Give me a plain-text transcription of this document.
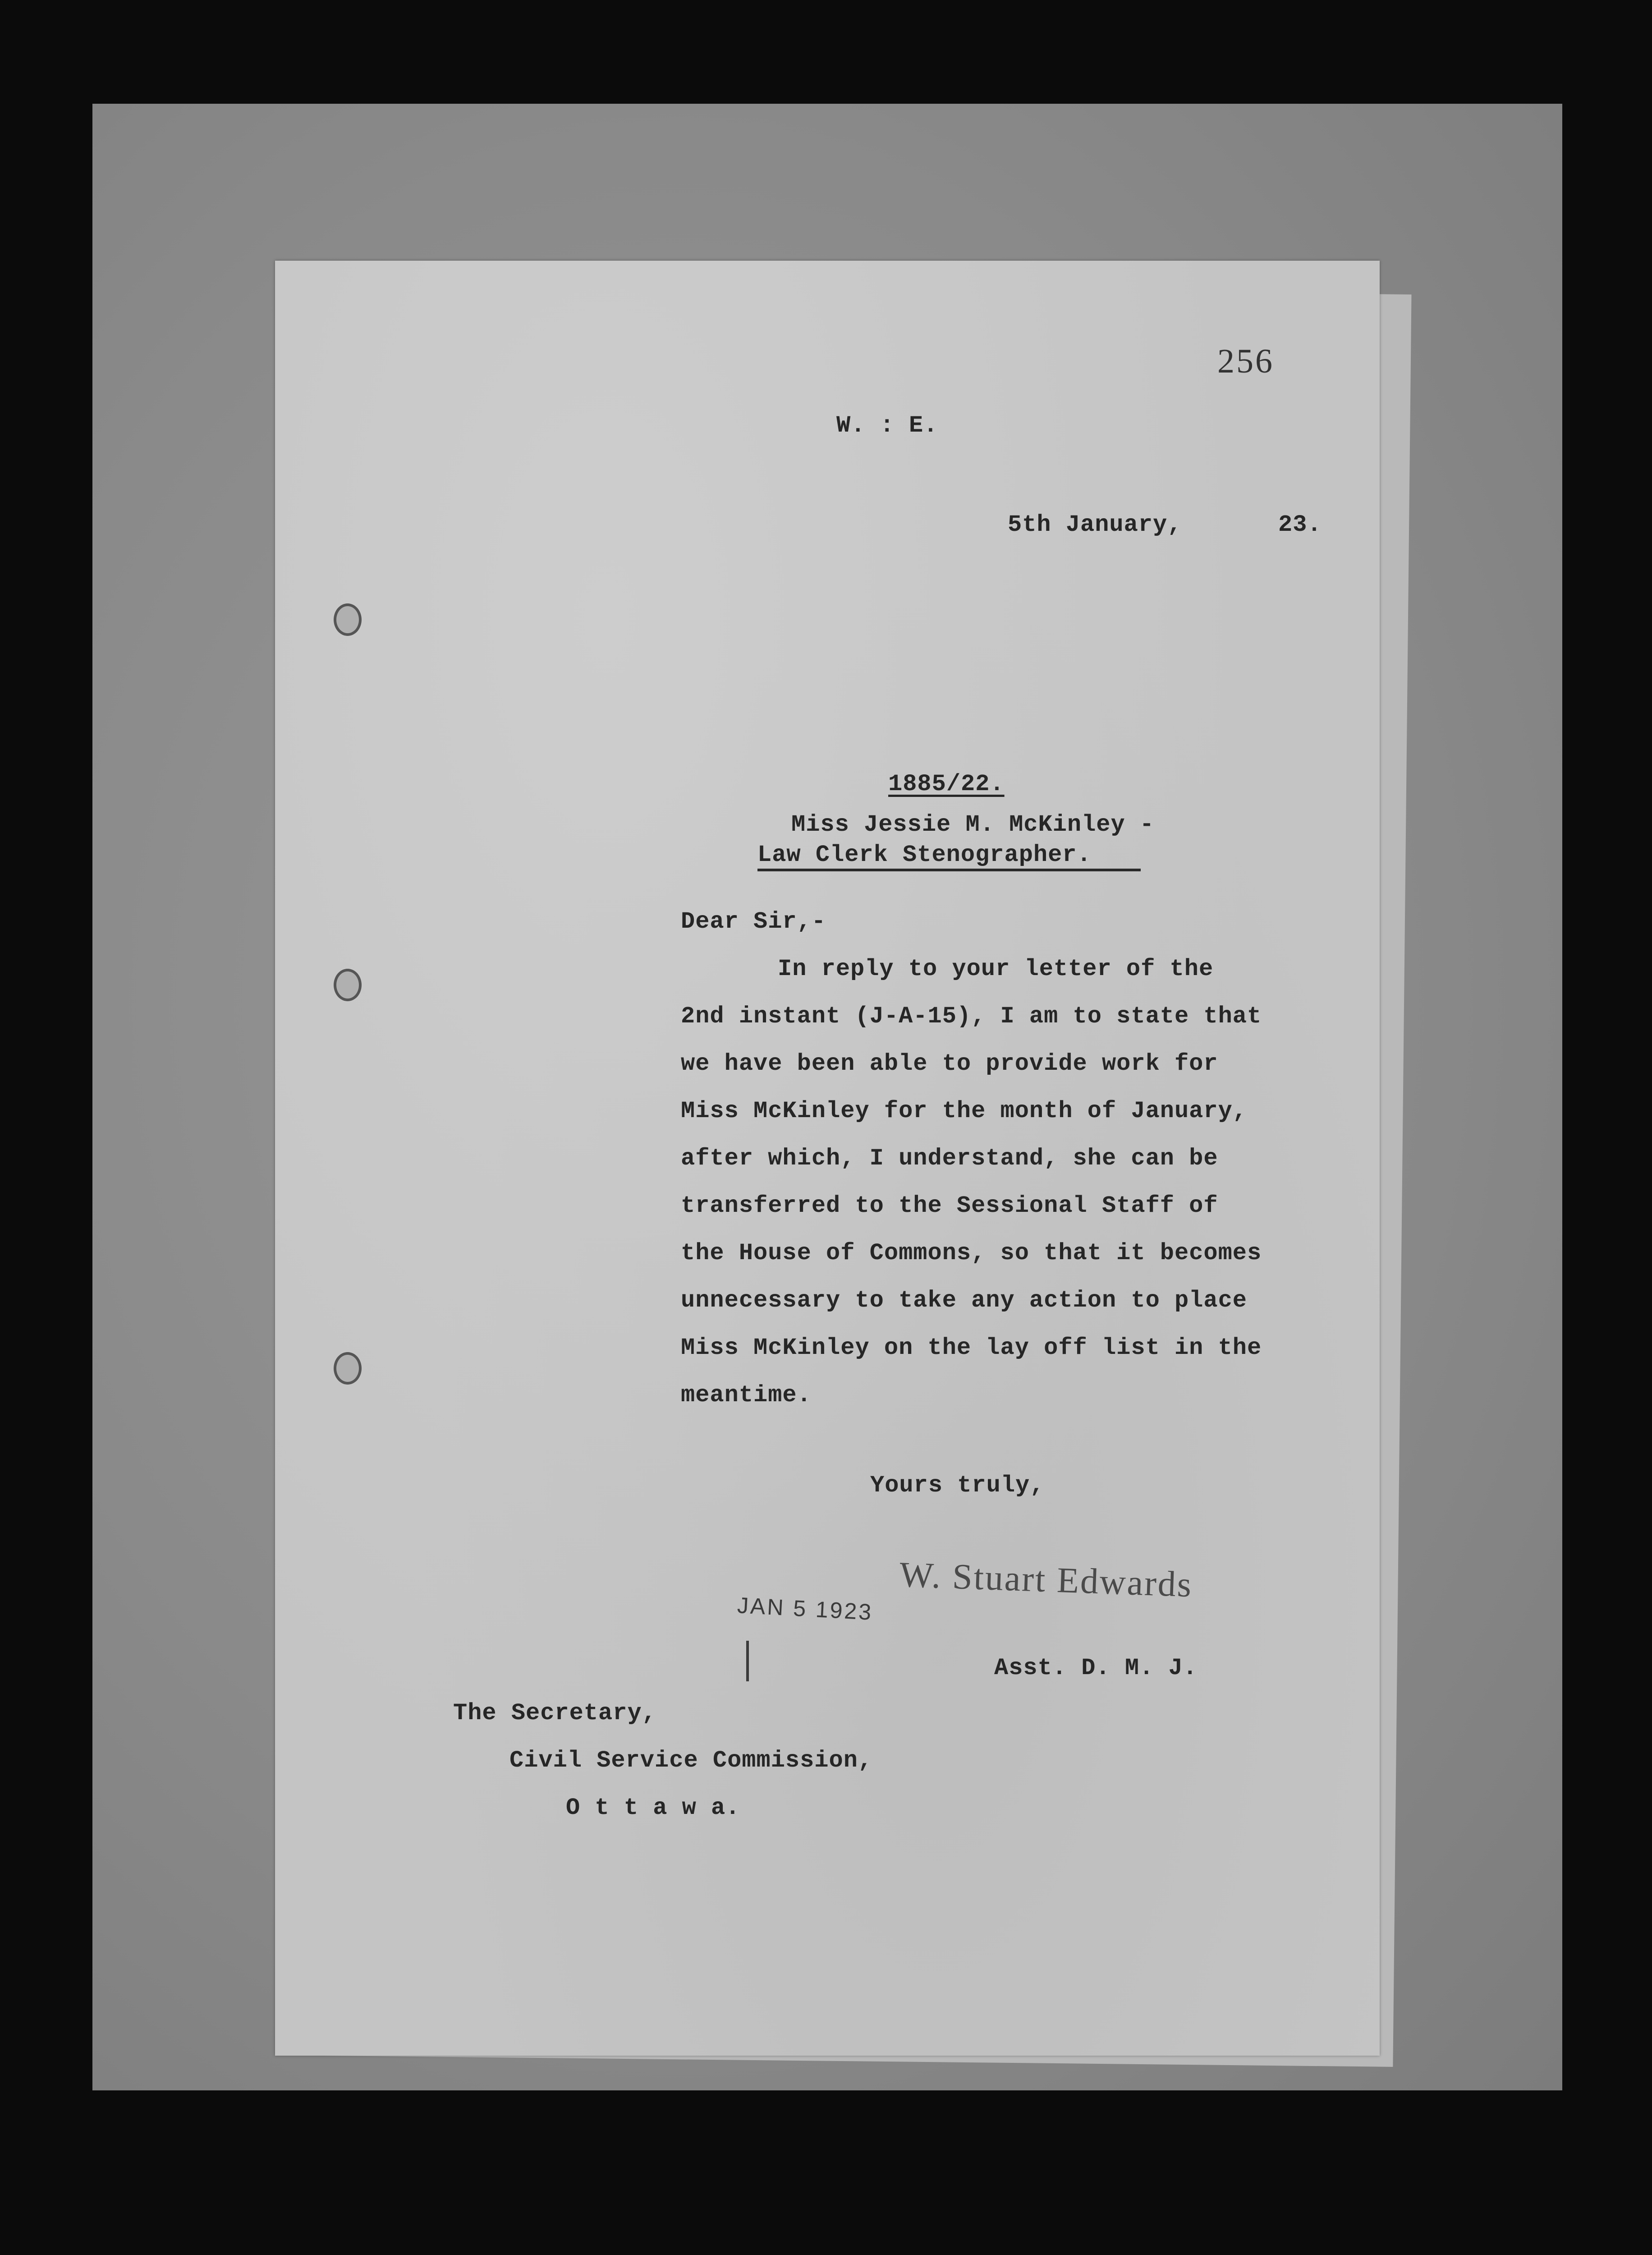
256
W. : E.
5th January,	23.
1885/22.
Miss Jessie M. McKinley -
Law Clerk Stenographer.
Dear Sir,-
In reply to your letter of the
2nd instant (J-A-15), I am to state that
we have been able to provide work for
Miss McKinley for the month of January,
after which, I understand, she can be
transferred to the Sessional Staff of
the House of Commons, so that it becomes
unnecessary to take any action to place
Miss McKinley on the lay off list in the
meantime.
Yours truly,
W. Stuart Edwards
JAN 5 1923
Asst. D. M. J.
The Secretary,
Civil Service Commission,
O t t a w a.
